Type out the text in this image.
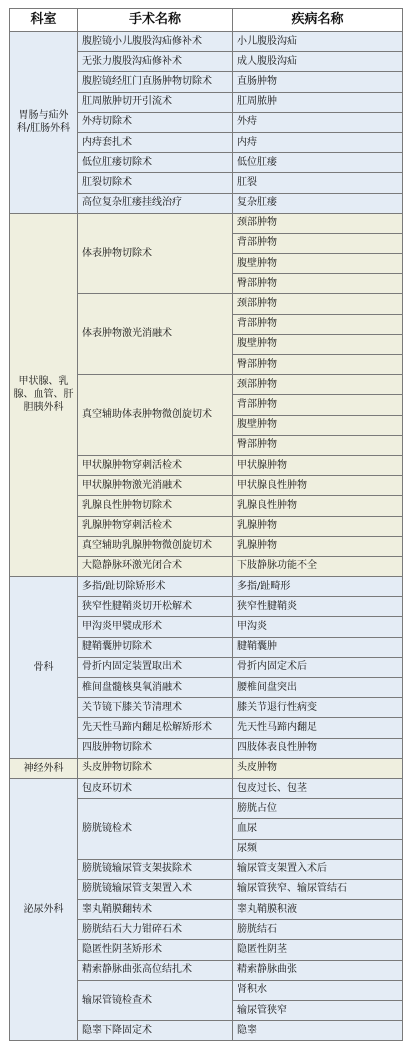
科室	手术名称	疾病名称
胃肠与疝外科/肛肠外科	腹腔镜小儿腹股沟疝修补术	小儿腹股沟疝
	无张力腹股沟疝修补术	成人腹股沟疝
	腹腔镜经肛门直肠肿物切除术	直肠肿物
	肛周脓肿切开引流术	肛周脓肿
	外痔切除术	外痔
	内痔套扎术	内痔
	低位肛瘘切除术	低位肛瘘
	肛裂切除术	肛裂
	高位复杂肛瘘挂线治疗	复杂肛瘘
甲状腺、乳腺、血管、肝胆胰外科	体表肿物切除术	颈部肿物
		背部肿物
		腹壁肿物
		臀部肿物
	体表肿物激光消融术	颈部肿物
		背部肿物
		腹壁肿物
		臀部肿物
	真空辅助体表肿物微创旋切术	颈部肿物
		背部肿物
		腹壁肿物
		臀部肿物
	甲状腺肿物穿刺活检术	甲状腺肿物
	甲状腺肿物激光消融术	甲状腺良性肿物
	乳腺良性肿物切除术	乳腺良性肿物
	乳腺肿物穿刺活检术	乳腺肿物
	真空辅助乳腺肿物微创旋切术	乳腺肿物
	大隐静脉环激光闭合术	下肢静脉功能不全
骨科	多指/趾切除矫形术	多指/趾畸形
	狭窄性腱鞘炎切开松解术	狭窄性腱鞘炎
	甲沟炎甲襞成形术	甲沟炎
	腱鞘囊肿切除术	腱鞘囊肿
	骨折内固定装置取出术	骨折内固定术后
	椎间盘髓核臭氧消融术	腰椎间盘突出
	关节镜下膝关节清理术	膝关节退行性病变
	先天性马蹄内翻足松解矫形术	先天性马蹄内翻足
	四肢肿物切除术	四肢体表良性肿物
神经外科	头皮肿物切除术	头皮肿物
泌尿外科	包皮环切术	包皮过长、包茎
	膀胱镜检术	膀胱占位
		血尿
		尿频
	膀胱镜输尿管支架拔除术	输尿管支架置入术后
	膀胱镜输尿管支架置入术	输尿管狭窄、输尿管结石
	睾丸鞘膜翻转术	睾丸鞘膜积液
	膀胱结石大力钳碎石术	膀胱结石
	隐匿性阴茎矫形术	隐匿性阴茎
	精索静脉曲张高位结扎术	精索静脉曲张
	输尿管镜检查术	肾积水
		输尿管狭窄
	隐睾下降固定术	隐睾
